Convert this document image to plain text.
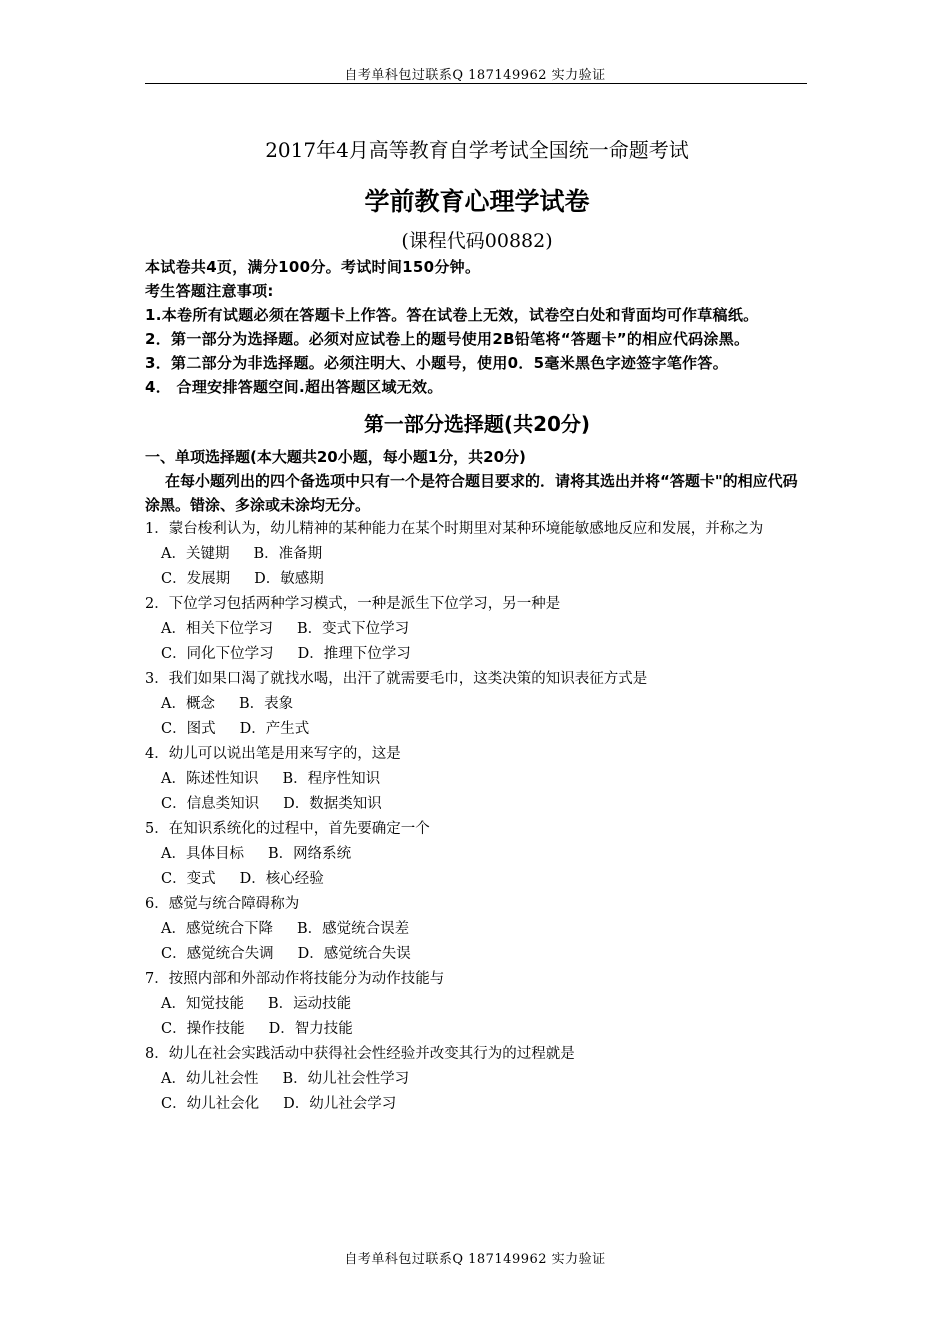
自考单科包过联系Q 187149962 实力验证
2017年4月高等教育自学考试全国统一命题考试
学前教育心理学试卷
(课程代码00882)
本试卷共4页，满分100分。考试时间150分钟。
考生答题注意事项:
1.本卷所有试题必须在答题卡上作答。答在试卷上无效，试卷空白处和背面均可作草稿纸。
2．第一部分为选择题。必须对应试卷上的题号使用2B铅笔将“答题卡”的相应代码涂黑。
3．第二部分为非选择题。必须注明大、小题号，使用0．5毫米黑色字迹签字笔作答。
4． 合理安排答题空间.超出答题区域无效。
第一部分选择题(共20分)
一、单项选择题(本大题共20小题，每小题1分，共20分)
在每小题列出的四个备选项中只有一个是符合题目要求的．请将其选出并将“答题卡"的相应代码涂黑。错涂、多涂或未涂均无分。
1．蒙台梭利认为，幼儿精神的某种能力在某个时期里对某种环境能敏感地反应和发展，并称之为
A．关键期 B．准备期
C．发展期 D．敏感期
2．下位学习包括两种学习模式，一种是派生下位学习，另一种是
A．相关下位学习 B．变式下位学习
C．同化下位学习 D．推理下位学习
3．我们如果口渴了就找水喝，出汗了就需要毛巾，这类决策的知识表征方式是
A．概念 B．表象
C．图式 D．产生式
4．幼儿可以说出笔是用来写字的，这是
A．陈述性知识 B．程序性知识
C．信息类知识 D．数据类知识
5．在知识系统化的过程中，首先要确定一个
A．具体目标 B．网络系统
C．变式 D．核心经验
6．感觉与统合障碍称为
A．感觉统合下降 B．感觉统合误差
C．感觉统合失调 D．感觉统合失误
7．按照内部和外部动作将技能分为动作技能与
A．知觉技能 B．运动技能
C．操作技能 D．智力技能
8．幼儿在社会实践活动中获得社会性经验并改变其行为的过程就是
A．幼儿社会性 B．幼儿社会性学习
C．幼儿社会化 D．幼儿社会学习
自考单科包过联系Q 187149962 实力验证
